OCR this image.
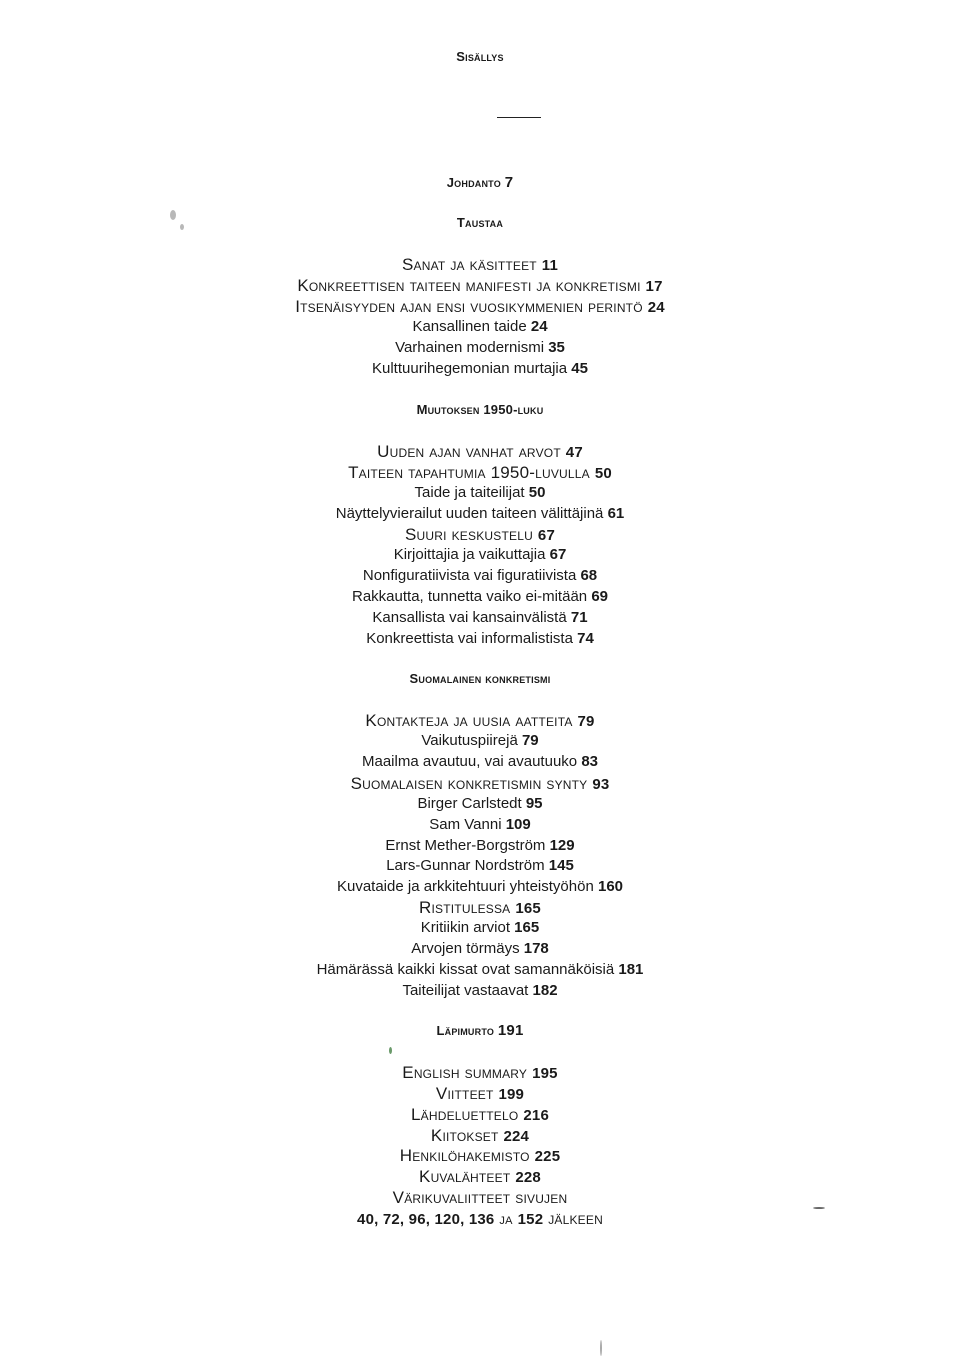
Sisällys
Johdanto 7
Taustaa
Sanat ja käsitteet 11
Konkreettisen taiteen manifesti ja konkretismi 17
Itsenäisyyden ajan ensi vuosikymmenien perintö 24
Kansallinen taide 24
Varhainen modernismi 35
Kulttuurihegemonian murtajia 45
Muutoksen 1950-luku
Uuden ajan vanhat arvot 47
Taiteen tapahtumia 1950-luvulla 50
Taide ja taiteilijat 50
Näyttelyvierailut uuden taiteen välittäjinä 61
Suuri keskustelu 67
Kirjoittajia ja vaikuttajia 67
Nonfiguratiivista vai figuratiivista 68
Rakkautta, tunnetta vaiko ei-mitään 69
Kansallista vai kansainvälistä 71
Konkreettista vai informalistista 74
Suomalainen konkretismi
Kontakteja ja uusia aatteita 79
Vaikutuspiirejä 79
Maailma avautuu, vai avautuuko 83
Suomalaisen konkretismin synty 93
Birger Carlstedt 95
Sam Vanni 109
Ernst Mether-Borgström 129
Lars-Gunnar Nordström 145
Kuvataide ja arkkitehtuuri yhteistyöhön 160
Ristitulessa 165
Kritiikin arviot 165
Arvojen törmäys 178
Hämärässä kaikki kissat ovat samannäköisiä 181
Taiteilijat vastaavat 182
Läpimurto 191
English summary 195
Viitteet 199
Lähdeluettelo 216
Kiitokset 224
Henkilöhakemisto 225
Kuvalähteet 228
Värikuvaliitteet sivujen
40, 72, 96, 120, 136 ja 152 jälkeen
